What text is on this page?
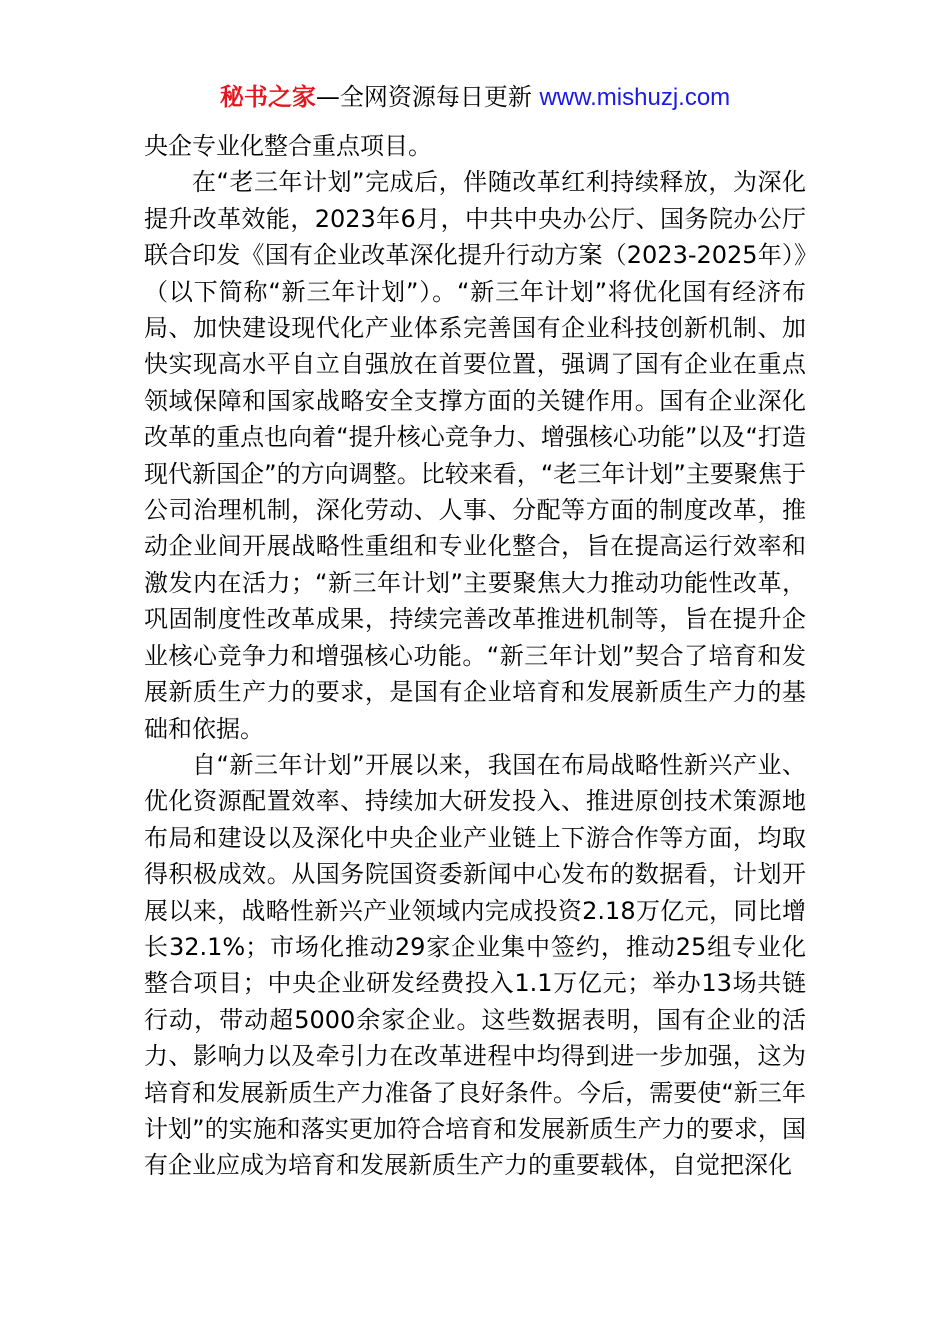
秘书之家—全网资源每日更新 www.mishuzj.com

央企专业化整合重点项目。

在“老三年计划”完成后，伴随改革红利持续释放，为深化提升改革效能，2023年6月，中共中央办公厅、国务院办公厅联合印发《国有企业改革深化提升行动方案（2023-2025年）》（以下简称“新三年计划”）。“新三年计划”将优化国有经济布局、加快建设现代化产业体系完善国有企业科技创新机制、加快实现高水平自立自强放在首要位置，强调了国有企业在重点领域保障和国家战略安全支撑方面的关键作用。国有企业深化改革的重点也向着“提升核心竞争力、增强核心功能”以及“打造现代新国企”的方向调整。比较来看，“老三年计划”主要聚焦于公司治理机制，深化劳动、人事、分配等方面的制度改革，推动企业间开展战略性重组和专业化整合，旨在提高运行效率和激发内在活力；“新三年计划”主要聚焦大力推动功能性改革，巩固制度性改革成果，持续完善改革推进机制等，旨在提升企业核心竞争力和增强核心功能。“新三年计划”契合了培育和发展新质生产力的要求，是国有企业培育和发展新质生产力的基础和依据。

自“新三年计划”开展以来，我国在布局战略性新兴产业、优化资源配置效率、持续加大研发投入、推进原创技术策源地布局和建设以及深化中央企业产业链上下游合作等方面，均取得积极成效。从国务院国资委新闻中心发布的数据看，计划开展以来，战略性新兴产业领域内完成投资2.18万亿元，同比增长32.1%；市场化推动29家企业集中签约，推动25组专业化整合项目；中央企业研发经费投入1.1万亿元；举办13场共链行动，带动超5000余家企业。这些数据表明，国有企业的活力、影响力以及牵引力在改革进程中均得到进一步加强，这为培育和发展新质生产力准备了良好条件。今后，需要使“新三年计划”的实施和落实更加符合培育和发展新质生产力的要求，国有企业应成为培育和发展新质生产力的重要载体，自觉把深化
